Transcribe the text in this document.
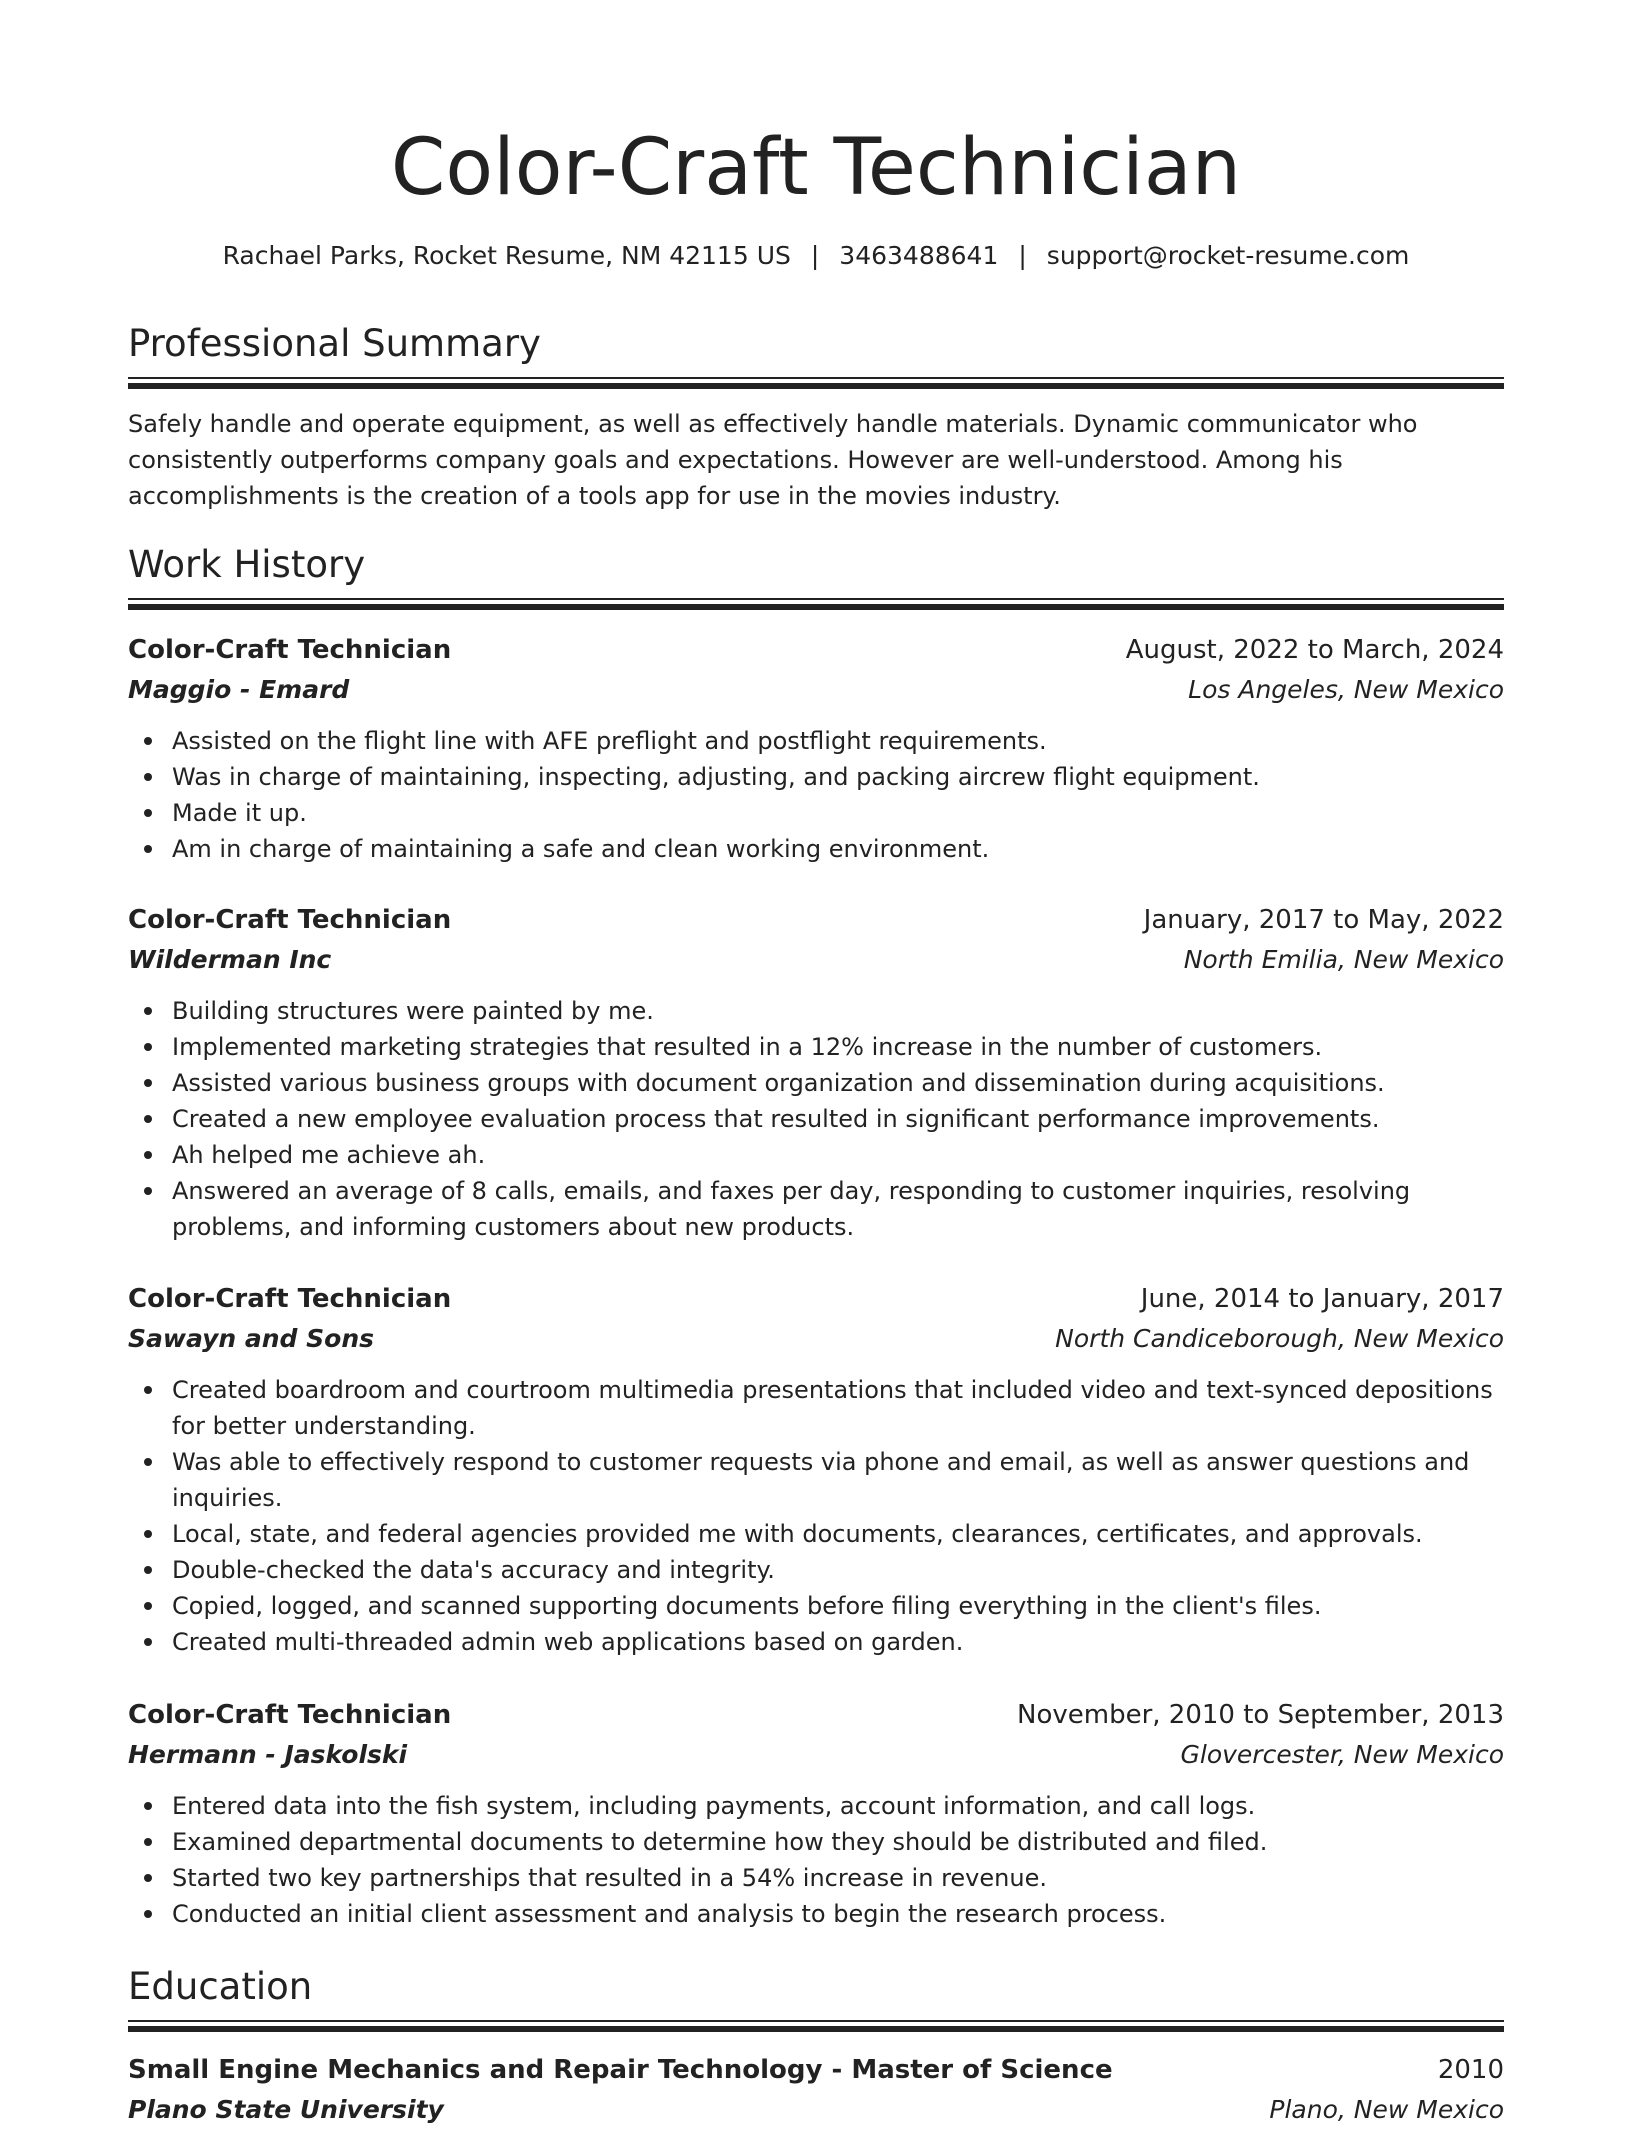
Color-Craft Technician
Rachael Parks, Rocket Resume, NM 42115 US | 3463488641 | support@rocket-resume.com
Professional Summary

Safely handle and operate equipment, as well as effectively handle materials. Dynamic communicator who consistently outperforms company goals and expectations. However are well-understood. Among his accomplishments is the creation of a tools app for use in the movies industry.

Work History
Color-Craft Technician	August, 2022 to March, 2024
Maggio - Emard	Los Angeles, New Mexico
Assisted on the flight line with AFE preflight and postflight requirements.
Was in charge of maintaining, inspecting, adjusting, and packing aircrew flight equipment.
Made it up.
Am in charge of maintaining a safe and clean working environment.
Color-Craft Technician	January, 2017 to May, 2022
Wilderman Inc	North Emilia, New Mexico
Building structures were painted by me.
Implemented marketing strategies that resulted in a 12% increase in the number of customers.
Assisted various business groups with document organization and dissemination during acquisitions.
Created a new employee evaluation process that resulted in significant performance improvements.
Ah helped me achieve ah.
Answered an average of 8 calls, emails, and faxes per day, responding to customer inquiries, resolving problems, and informing customers about new products.
Color-Craft Technician	June, 2014 to January, 2017
Sawayn and Sons	North Candiceborough, New Mexico
Created boardroom and courtroom multimedia presentations that included video and text-synced depositions for better understanding.
Was able to effectively respond to customer requests via phone and email, as well as answer questions and inquiries.
Local, state, and federal agencies provided me with documents, clearances, certificates, and approvals.
Double-checked the data's accuracy and integrity.
Copied, logged, and scanned supporting documents before filing everything in the client's files.
Created multi-threaded admin web applications based on garden.
Color-Craft Technician	November, 2010 to September, 2013
Hermann - Jaskolski	Glovercester, New Mexico
Entered data into the fish system, including payments, account information, and call logs.
Examined departmental documents to determine how they should be distributed and filed.
Started two key partnerships that resulted in a 54% increase in revenue.
Conducted an initial client assessment and analysis to begin the research process.
Education
Small Engine Mechanics and Repair Technology - Master of Science	2010
Plano State University	Plano, New Mexico
